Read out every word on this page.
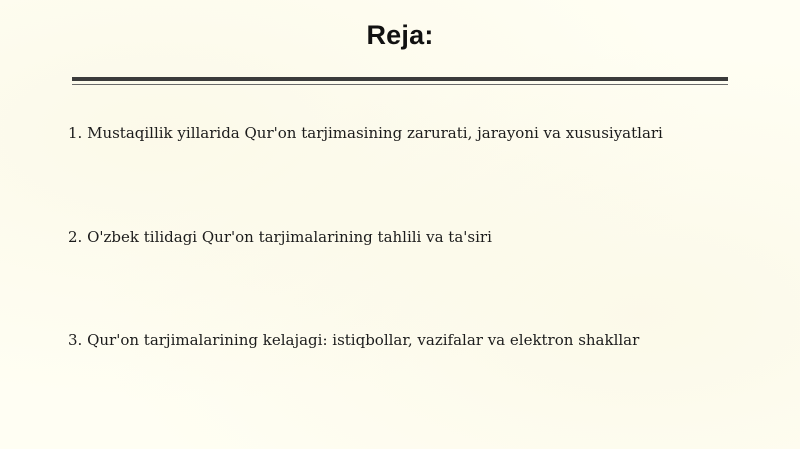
Reja:
1. Mustaqillik yillarida Qur'on tarjimasining zarurati, jarayoni va xususiyatlari
2. O'zbek tilidagi Qur'on tarjimalarining tahlili va ta'siri
3. Qur'on tarjimalarining kelajagi: istiqbollar, vazifalar va elektron shakllar
